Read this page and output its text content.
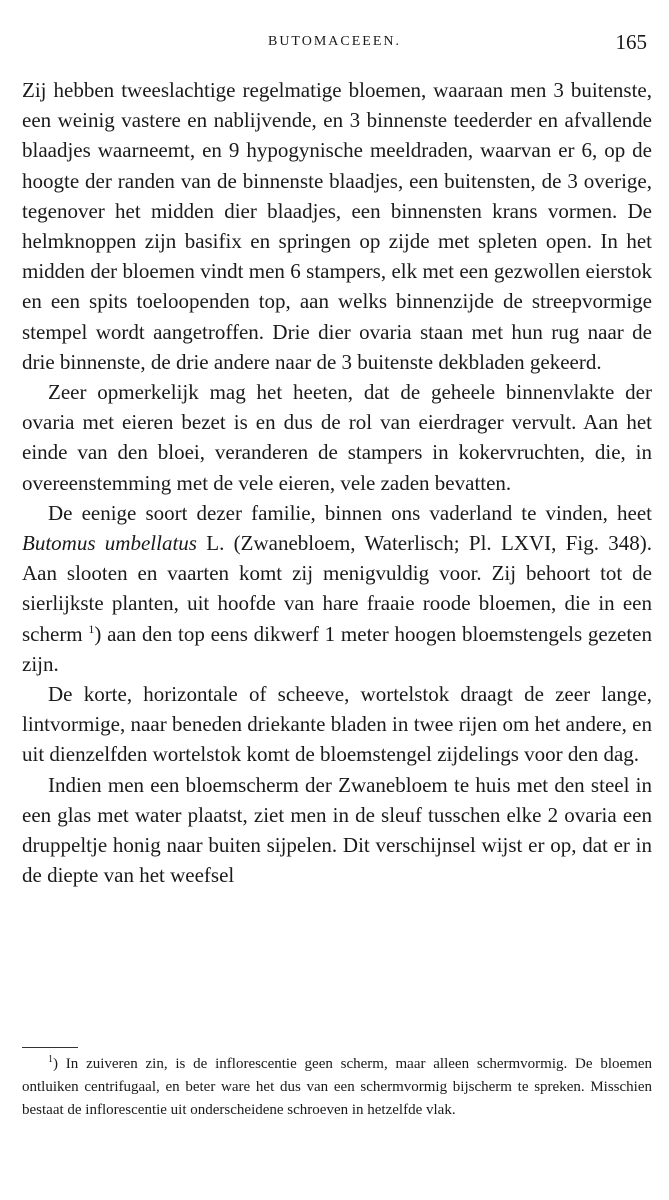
BUTOMACEEEN.	165

Zij hebben tweeslachtige regelmatige bloemen, waaraan men 3 buitenste, een weinig vastere en nablijvende, en 3 binnenste teederder en afvallende blaadjes waarneemt, en 9 hypogynische meeldraden, waarvan er 6, op de hoogte der randen van de binnenste blaadjes, een buitensten, de 3 overige, tegenover het midden dier blaadjes, een binnensten krans vormen. De helmknoppen zijn basifix en springen op zijde met spleten open. In het midden der bloemen vindt men 6 stampers, elk met een gezwollen eierstok en een spits toeloopenden top, aan welks binnenzijde de streepvormige stempel wordt aangetroffen. Drie dier ovaria staan met hun rug naar de drie binnenste, de drie andere naar de 3 buitenste dekbladen gekeerd.

Zeer opmerkelijk mag het heeten, dat de geheele binnenvlakte der ovaria met eieren bezet is en dus de rol van eierdrager vervult. Aan het einde van den bloei, veranderen de stampers in kokervruchten, die, in overeenstemming met de vele eieren, vele zaden bevatten.

De eenige soort dezer familie, binnen ons vaderland te vinden, heet Butomus umbellatus L. (Zwanebloem, Waterlisch; Pl. LXVI, Fig. 348). Aan slooten en vaarten komt zij menigvuldig voor. Zij behoort tot de sierlijkste planten, uit hoofde van hare fraaie roode bloemen, die in een scherm $^1$) aan den top eens dikwerf 1 meter hoogen bloemstengels gezeten zijn.

De korte, horizontale of scheeve, wortelstok draagt de zeer lange, lintvormige, naar beneden driekante bladen in twee rijen om het andere, en uit dienzelfden wortelstok komt de bloemstengel zijdelings voor den dag.

Indien men een bloemscherm der Zwanebloem te huis met den steel in een glas met water plaatst, ziet men in de sleuf tusschen elke 2 ovaria een druppeltje honig naar buiten sijpelen. Dit verschijnsel wijst er op, dat er in de diepte van het weefsel

$^1$) In zuiveren zin, is de inflorescentie geen scherm, maar alleen schermvormig. De bloemen ontluiken centrifugaal, en beter ware het dus van een schermvormig bijscherm te spreken. Misschien bestaat de inflorescentie uit onderscheidene schroeven in hetzelfde vlak.
